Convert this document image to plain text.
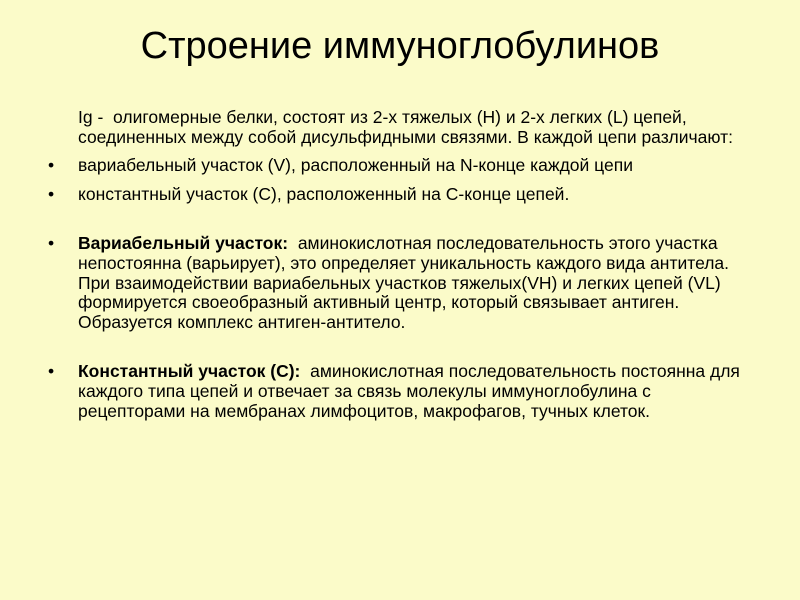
Строение иммуноглобулинов
Ig - олигомерные белки, состоят из 2-х тяжелых (H) и 2-х легких (L) цепей, соединенных между собой дисульфидными связями. В каждой цепи различают:
•	вариабельный участок (V), расположенный на N-конце каждой цепи
•	константный участок (C), расположенный на C-конце цепей.
•	Вариабельный участок: аминокислотная последовательность этого участка непостоянна (варьирует), это определяет уникальность каждого вида антитела. При взаимодействии вариабельных участков тяжелых(VH) и легких цепей (VL) формируется своеобразный активный центр, который связывает антиген. Образуется комплекс антиген-антитело.
•	Константный участок (С): аминокислотная последовательность постоянна для каждого типа цепей и отвечает за связь молекулы иммуноглобулина с рецепторами на мембранах лимфоцитов, макрофагов, тучных клеток.
